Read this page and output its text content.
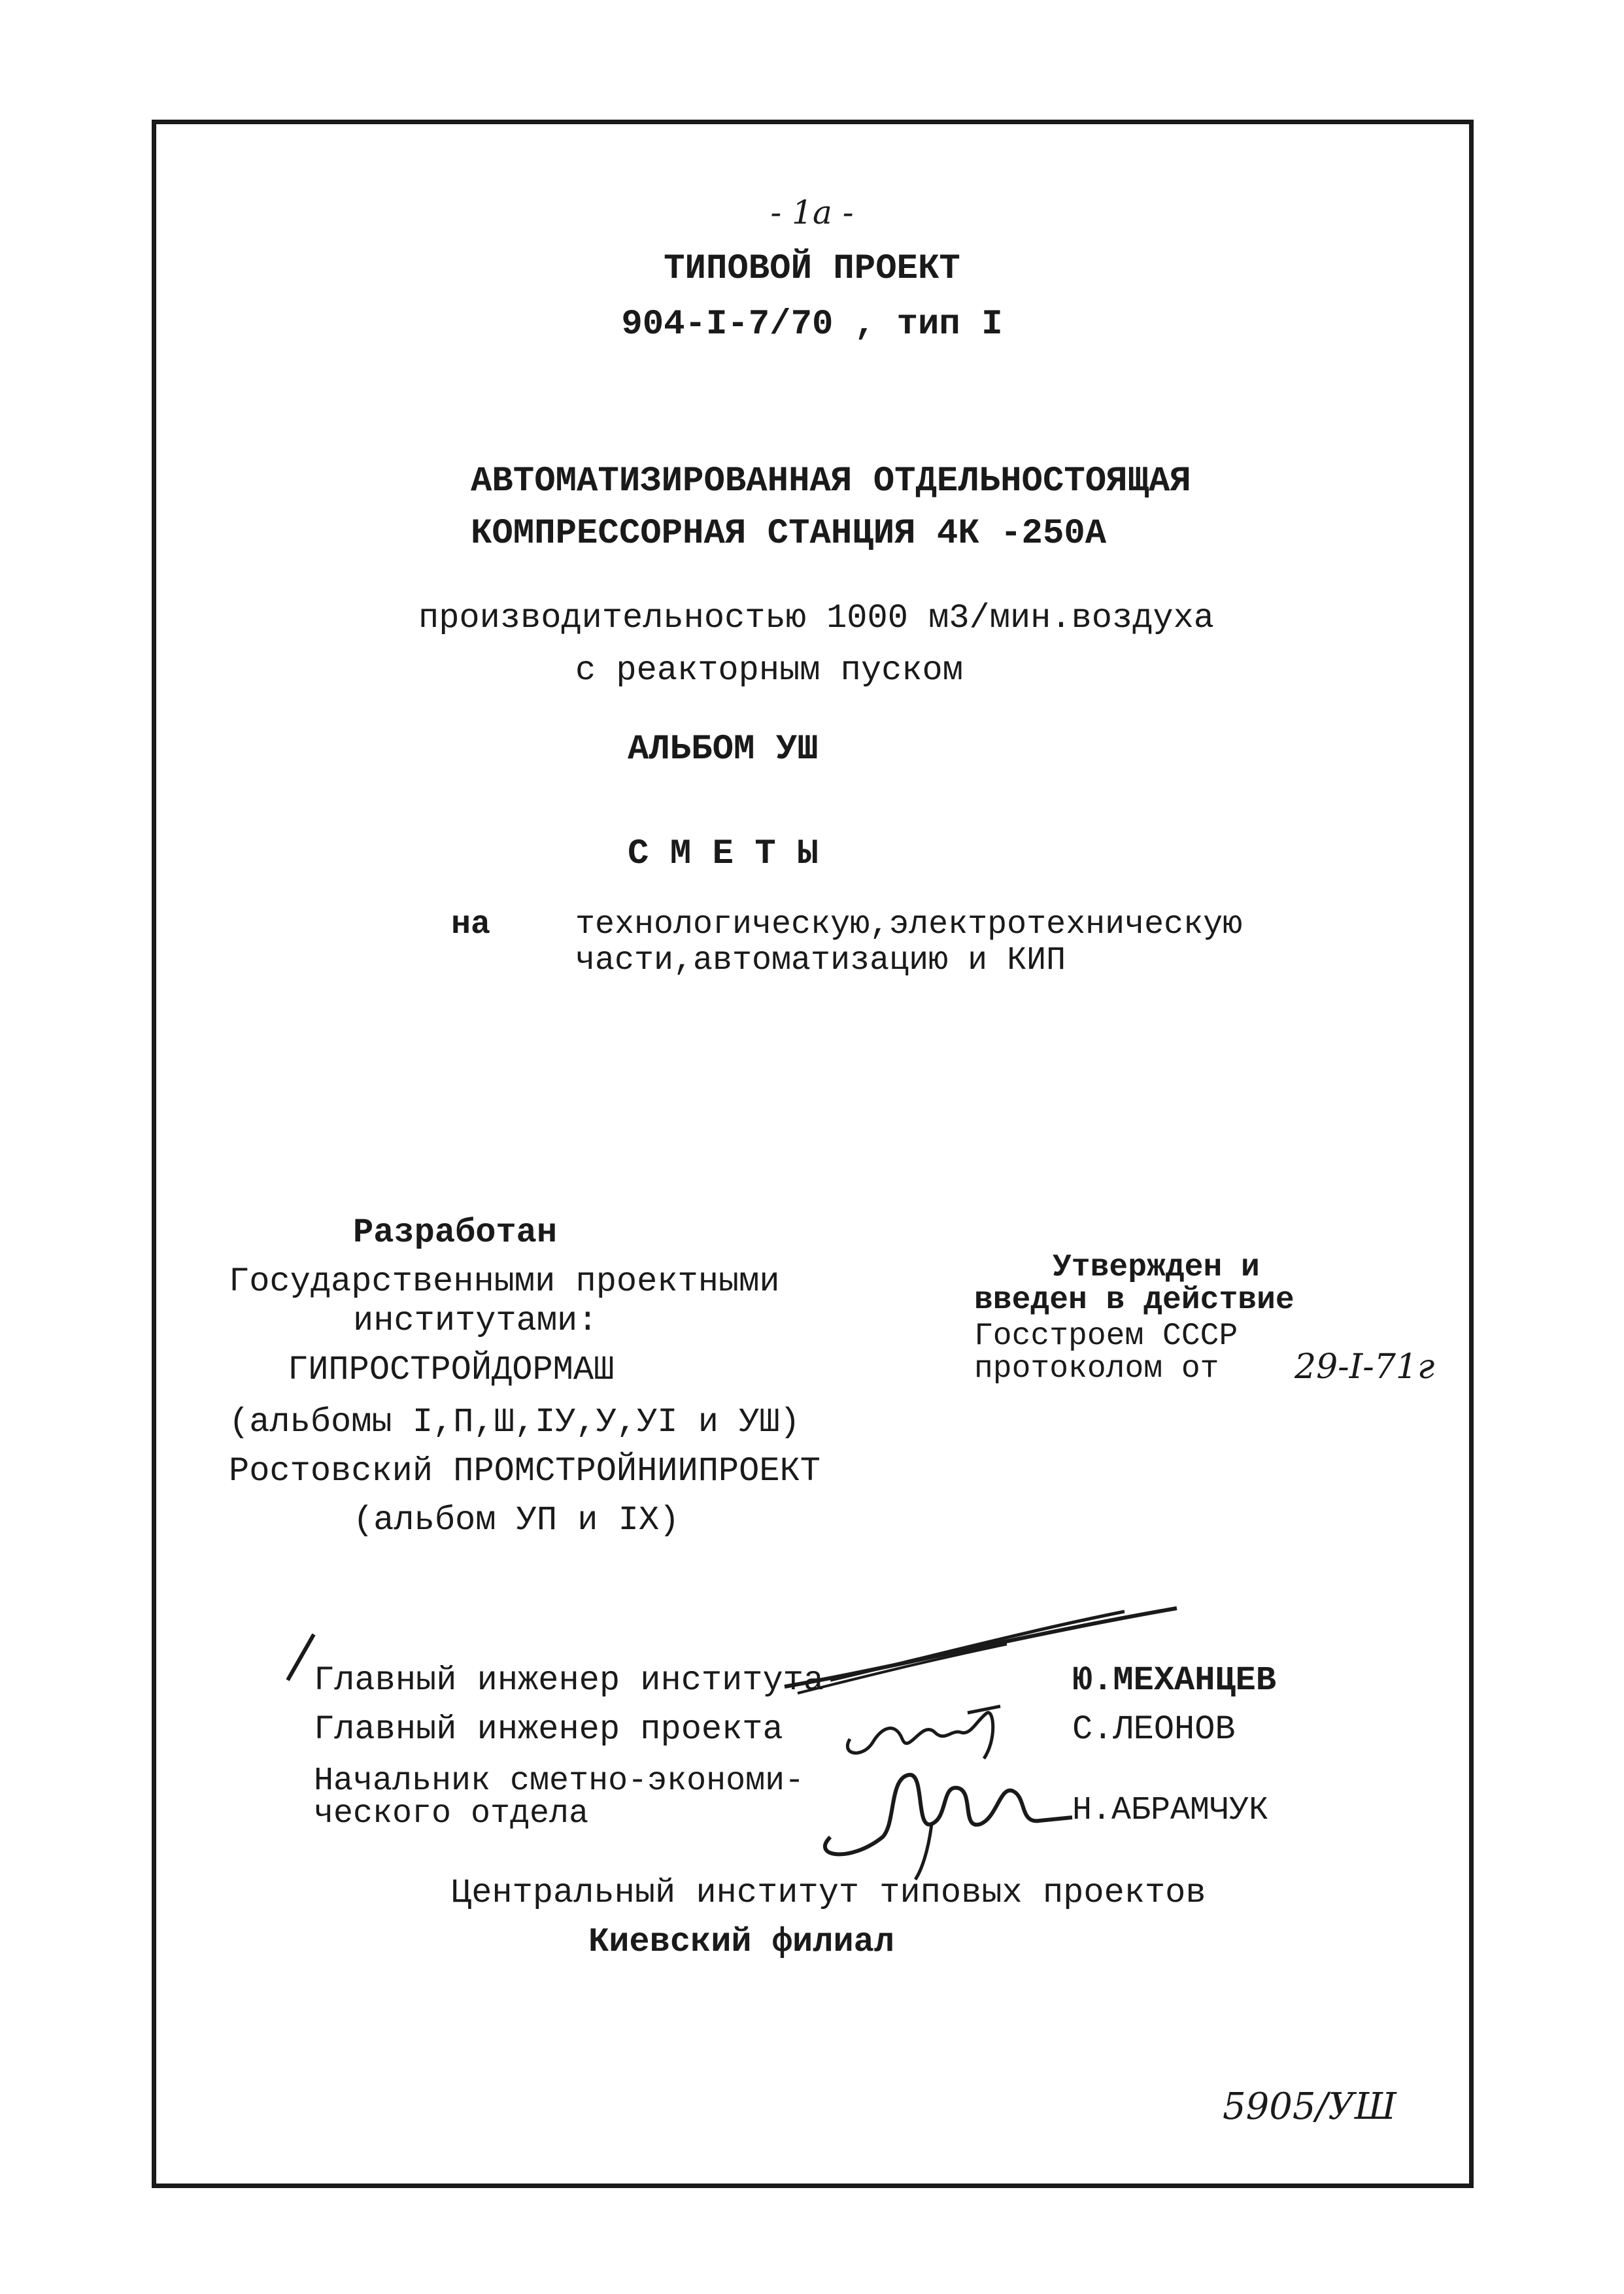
- 1a -
ТИПОВОЙ ПРОЕКТ
904-I-7/70 , тип I
АВТОМАТИЗИРОВАННАЯ ОТДЕЛЬНОСТОЯЩАЯ
КОМПРЕССОРНАЯ СТАНЦИЯ 4К -250А
производительностью 1000 м3/мин.воздуха
с реакторным пуском
АЛЬБОМ УШ
С М Е Т Ы
на	технологическую,электротехническую
части,автоматизацию и КИП
Разработан
Государственными проектными
институтами:
ГИПРОСТРОЙДОРМАШ
(альбомы I,П,Ш,IУ,У,УI и УШ)
Ростовский ПРОМСТРОЙНИИПРОЕКТ
(альбом УП и IX)
Утвержден и
введен в действие
Госстроем СССР
протоколом от 29-I-71г
Главный инженер института	Ю.МЕХАНЦЕВ
Главный инженер проекта	С.ЛЕОНОВ
Начальник сметно-экономи-
ческого отдела	Н.АБРАМЧУК
Центральный институт типовых проектов
Киевский филиал
5905/УШ
